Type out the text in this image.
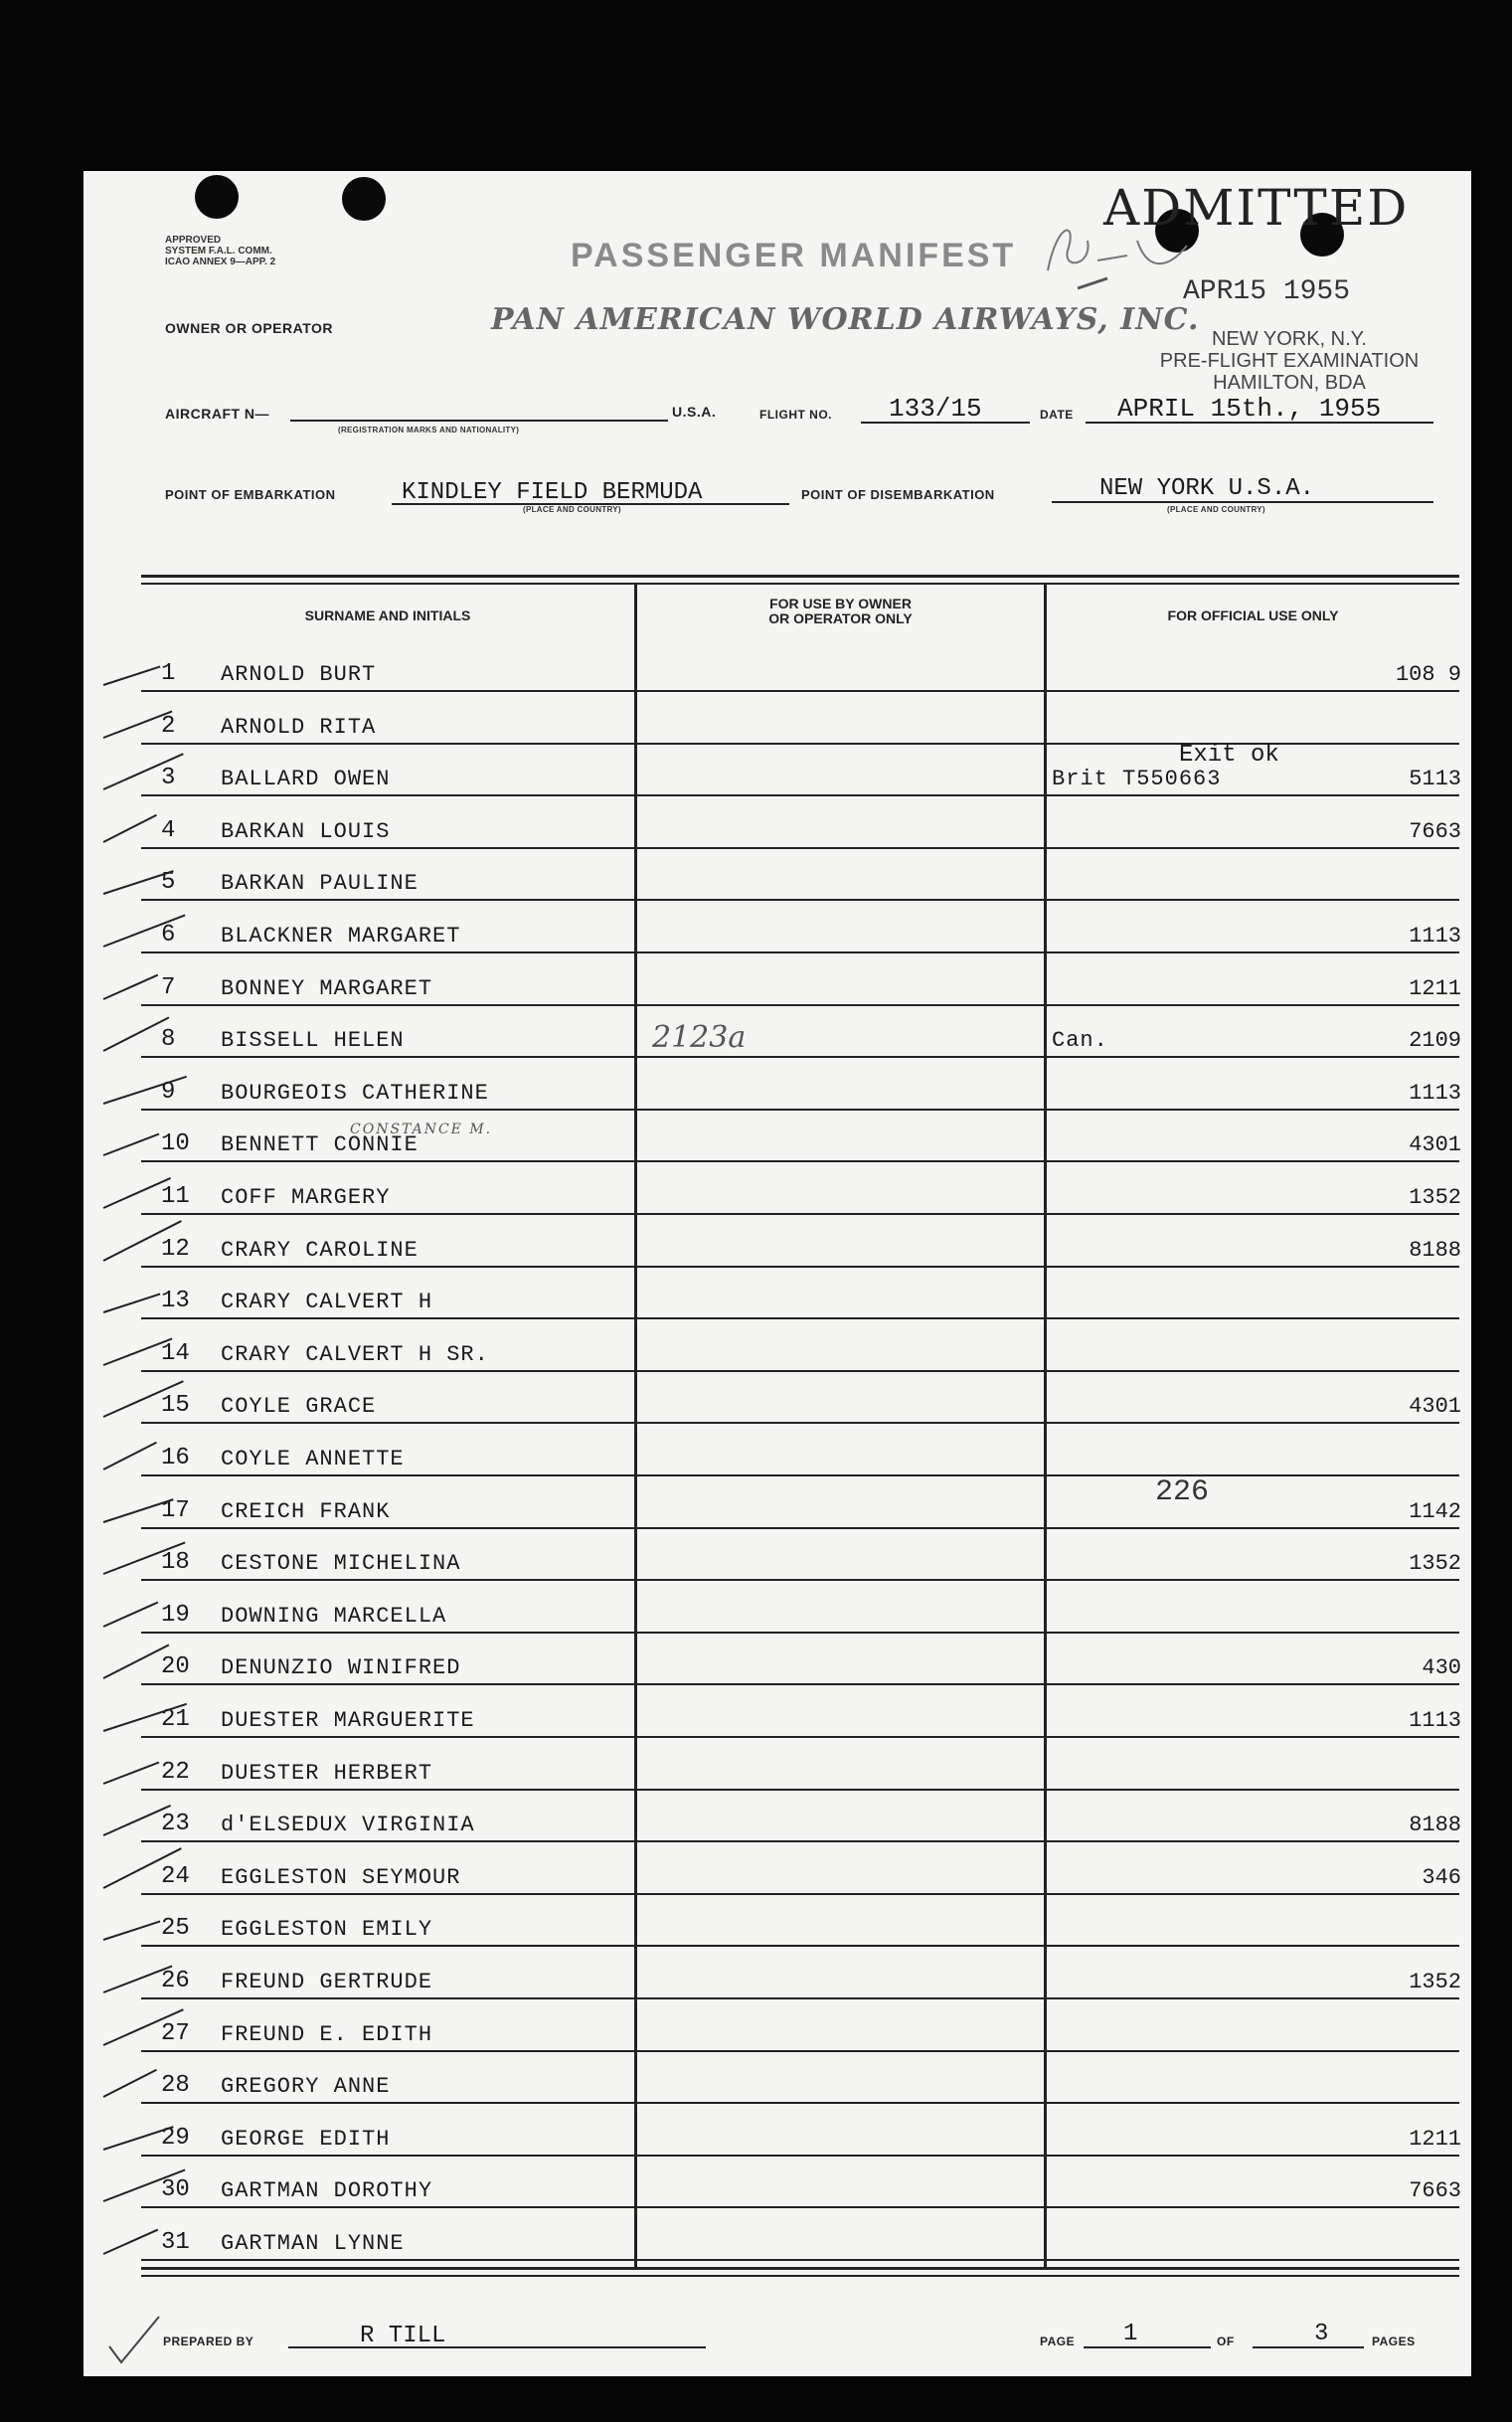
APPROVED
SYSTEM F.A.L. COMM.
ICAO ANNEX 9—APP. 2	PASSENGER MANIFEST
OWNER OR OPERATOR	PAN AMERICAN WORLD AIRWAYS, INC.
ADMITTED
APR15 1955
NEW YORK, N.Y.
PRE-FLIGHT EXAMINATION
HAMILTON, BDA
AIRCRAFT N—
(REGISTRATION MARKS AND NATIONALITY)
U.S.A.	FLIGHT NO. 133/15	DATE APRIL 15th., 1955
POINT OF EMBARKATION	KINDLEY FIELD BERMUDA
(PLACE AND COUNTRY)
POINT OF DISEMBARKATION	NEW YORK U.S.A.
(PLACE AND COUNTRY)
SURNAME AND INITIALS
FOR USE BY OWNER
OR OPERATOR ONLY	FOR OFFICIAL USE ONLY
1 ARNOLD BURT	108 9
2 ARNOLD RITA
3 BALLARD OWEN	Brit T550663	5113
4 BARKAN LOUIS	7663
5 BARKAN PAULINE
6 BLACKNER MARGARET	1113
7 BONNEY MARGARET	1211
8 BISSELL HELEN	2123a	Can.	2109
9 BOURGEOIS CATHERINE	1113
10 BENNETT CONNIE	4301
11 COFF MARGERY	1352
12 CRARY CAROLINE	8188
13 CRARY CALVERT H
14 CRARY CALVERT H SR.
15 COYLE GRACE	4301
16 COYLE ANNETTE
17 CREICH FRANK	1142
18 CESTONE MICHELINA	1352
19 DOWNING MARCELLA
20 DENUNZIO WINIFRED	430
21 DUESTER MARGUERITE	1113
22 DUESTER HERBERT
23 d'ELSEDUX VIRGINIA	8188
24 EGGLESTON SEYMOUR	346
25 EGGLESTON EMILY
26 FREUND GERTRUDE	1352
27 FREUND E. EDITH
28 GREGORY ANNE
29 GEORGE EDITH	1211
30 GARTMAN DOROTHY	7663
31 GARTMAN LYNNE
Exit ok
226
CONSTANCE M.
PREPARED BY	R TILL	PAGE 1	OF	3	PAGES
